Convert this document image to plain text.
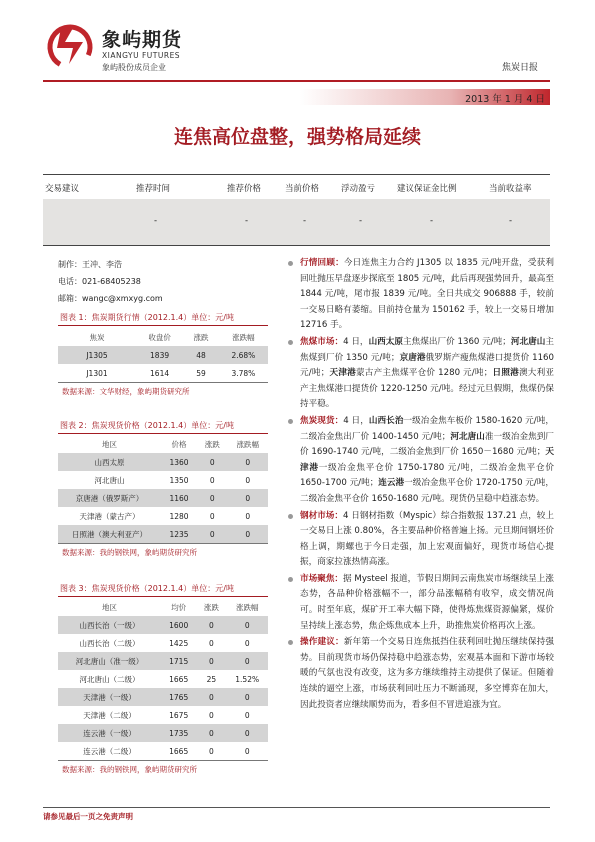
象屿期货
XIANGYU FUTURES
象屿股份成员企业	焦炭日报
2013 年 1 月 4 日
连焦高位盘整，强势格局延续
交易建议	推荐时间	推荐价格	当前价格	浮动盈亏	建议保证金比例	当前收益率
-	-	-	-	-	-
制作：王冲、李浩
电话：021-68405238
邮箱：wangc@xmxyg.com
图表 1：焦炭期货行情（2012.1.4）单位：元/吨
焦炭	收盘价	涨跌	涨跌幅
J1305	1839	48	2.68%
J1301	1614	59	3.78%
数据来源：文华财经，象屿期货研究所
图表 2：焦炭现货价格（2012.1.4）单位：元/吨
地区	价格	涨跌	涨跌幅
山西太原	1360	0	0
河北唐山	1350	0	0
京唐港（俄罗斯产）	1160	0	0
天津港（蒙古产）	1280	0	0
日照港（澳大利亚产）	1235	0	0
数据来源：我的钢铁网，象屿期货研究所
图表 3：焦炭现货价格（2012.1.4）单位：元/吨
地区	均价	涨跌	涨跌幅
山西长治（一级）	1600	0	0
山西长治（二级）	1425	0	0
河北唐山（准一级）	1715	0	0
河北唐山（二级）	1665	25	1.52%
天津港（一级）	1765	0	0
天津港（二级）	1675	0	0
连云港（一级）	1735	0	0
连云港（二级）	1665	0	0
数据来源：我的钢铁网，象屿期货研究所
行情回顾：今日连焦主力合约 J1305 以 1835 元/吨开盘，受获利回吐抛压早盘逐步探底至 1805 元/吨，此后再现强势回升，最高至 1844 元/吨，尾市报 1839 元/吨。全日共成交 906888 手，较前一交易日略有萎缩。目前持仓量为 150162 手，较上一交易日增加 12716 手。
焦煤市场：4 日，山西太原主焦煤出厂价 1360 元/吨；河北唐山主焦煤到厂价 1350 元/吨；京唐港俄罗斯产瘦焦煤港口提货价 1160 元/吨；天津港蒙古产主焦煤平仓价 1280 元/吨；日照港澳大利亚产主焦煤港口提货价 1220-1250 元/吨。经过元旦假期，焦煤仍保持平稳。
焦炭现货：4 日，山西长治一级冶金焦车板价 1580-1620 元/吨，二级冶金焦出厂价 1400-1450 元/吨；河北唐山准一级冶金焦到厂价 1690-1740 元/吨，二级冶金焦到厂价 1650－1680 元/吨；天津港一级冶金焦平仓价 1750-1780 元/吨，二级冶金焦平仓价 1650-1700 元/吨；连云港一级冶金焦平仓价 1720-1750 元/吨，二级冶金焦平仓价 1650-1680 元/吨。现货仍呈稳中趋涨态势。
钢材市场：4 日钢材指数（Myspic）综合指数报 137.21 点，较上一交易日上涨 0.80%，各主要品种价格普遍上扬。元旦期间钢坯价格上调，期螺也于今日走强，加上宏观面偏好，现货市场信心提振，商家拉涨热情高涨。
市场聚焦：据 Mysteel 报道，节假日期间云南焦炭市场继续呈上涨态势，各品种价格涨幅不一，部分品涨幅稍有收窄，成交情况尚可。时至年底，煤矿开工率大幅下降，使得炼焦煤资源偏紧，煤价呈持续上涨态势，焦企炼焦成本上升，助推焦炭价格再次上涨。
操作建议：新年第一个交易日连焦抵挡住获利回吐抛压继续保持强势。目前现货市场仍保持稳中趋涨态势，宏观基本面和下游市场较暖的气氛也没有改变，这为多方继续维持主动提供了保证。但随着连续的逼空上涨，市场获利回吐压力不断涌现，多空博弈在加大，因此投资者应继续顺势而为，看多但不冒进追涨为宜。
请参见最后一页之免责声明
